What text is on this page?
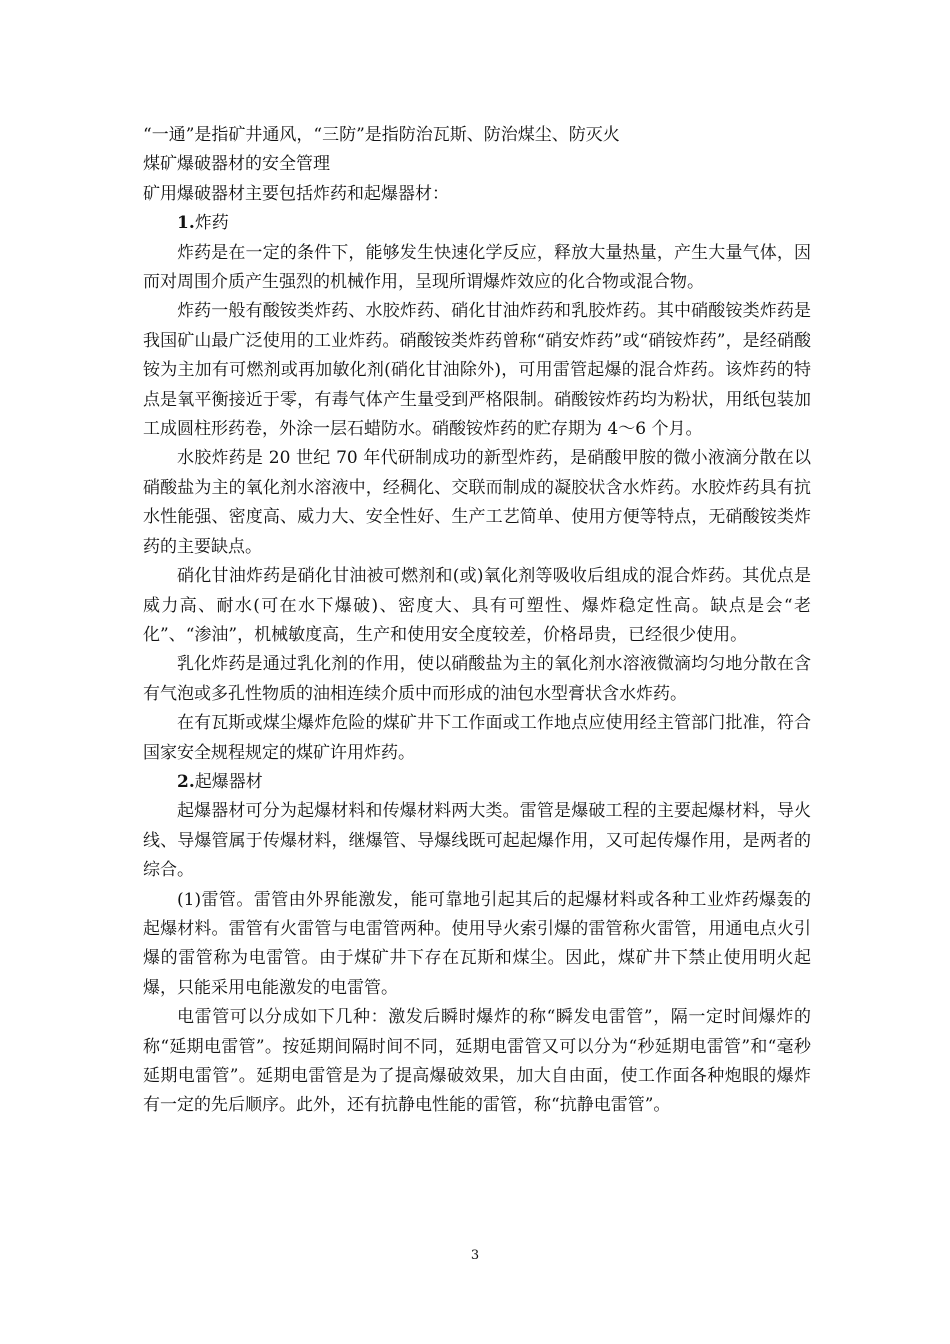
“一通”是指矿井通风，“三防”是指防治瓦斯、防治煤尘、防灭火

煤矿爆破器材的安全管理

矿用爆破器材主要包括炸药和起爆器材：

1.炸药

炸药是在一定的条件下，能够发生快速化学反应，释放大量热量，产生大量气体，因而对周围介质产生强烈的机械作用，呈现所谓爆炸效应的化合物或混合物。

炸药一般有酸铵类炸药、水胶炸药、硝化甘油炸药和乳胶炸药。其中硝酸铵类炸药是我国矿山最广泛使用的工业炸药。硝酸铵类炸药曾称“硝安炸药”或“硝铵炸药”，是经硝酸铵为主加有可燃剂或再加敏化剂(硝化甘油除外)，可用雷管起爆的混合炸药。该炸药的特点是氧平衡接近于零，有毒气体产生量受到严格限制。硝酸铵炸药均为粉状，用纸包装加工成圆柱形药卷，外涂一层石蜡防水。硝酸铵炸药的贮存期为 4～6 个月。

水胶炸药是 20 世纪 70 年代研制成功的新型炸药，是硝酸甲胺的微小液滴分散在以硝酸盐为主的氧化剂水溶液中，经稠化、交联而制成的凝胶状含水炸药。水胶炸药具有抗水性能强、密度高、威力大、安全性好、生产工艺简单、使用方便等特点，无硝酸铵类炸药的主要缺点。

硝化甘油炸药是硝化甘油被可燃剂和(或)氧化剂等吸收后组成的混合炸药。其优点是威力高、耐水(可在水下爆破)、密度大、具有可塑性、爆炸稳定性高。缺点是会“老化”、“渗油”，机械敏度高，生产和使用安全度较差，价格昂贵，已经很少使用。

乳化炸药是通过乳化剂的作用，使以硝酸盐为主的氧化剂水溶液微滴均匀地分散在含有气泡或多孔性物质的油相连续介质中而形成的油包水型膏状含水炸药。

在有瓦斯或煤尘爆炸危险的煤矿井下工作面或工作地点应使用经主管部门批准，符合国家安全规程规定的煤矿许用炸药。

2.起爆器材

起爆器材可分为起爆材料和传爆材料两大类。雷管是爆破工程的主要起爆材料，导火线、导爆管属于传爆材料，继爆管、导爆线既可起起爆作用，又可起传爆作用，是两者的综合。

(1)雷管。雷管由外界能激发，能可靠地引起其后的起爆材料或各种工业炸药爆轰的起爆材料。雷管有火雷管与电雷管两种。使用导火索引爆的雷管称火雷管，用通电点火引爆的雷管称为电雷管。由于煤矿井下存在瓦斯和煤尘。因此，煤矿井下禁止使用明火起爆，只能采用电能激发的电雷管。

电雷管可以分成如下几种：激发后瞬时爆炸的称“瞬发电雷管”，隔一定时间爆炸的称“延期电雷管”。按延期间隔时间不同，延期电雷管又可以分为“秒延期电雷管”和“毫秒延期电雷管”。延期电雷管是为了提高爆破效果，加大自由面，使工作面各种炮眼的爆炸有一定的先后顺序。此外，还有抗静电性能的雷管，称“抗静电雷管”。

3
